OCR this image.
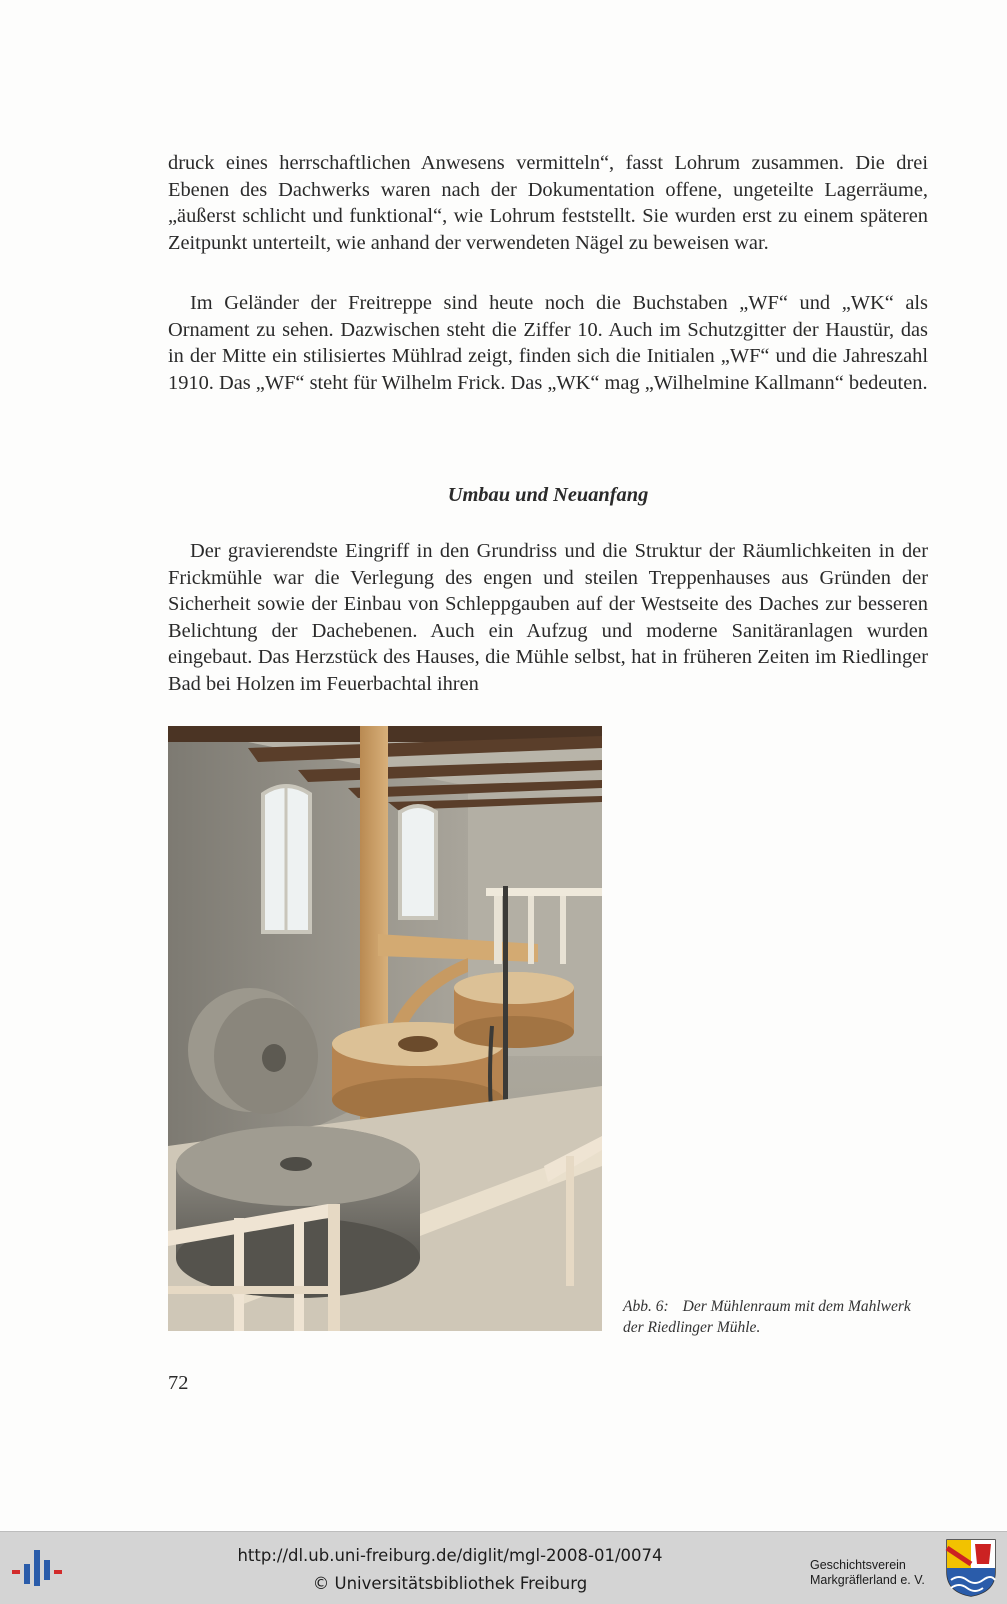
druck eines herrschaftlichen Anwesens vermitteln“, fasst Lohrum zusammen. Die drei Ebenen des Dachwerks waren nach der Dokumentation offene, ungeteilte Lagerräume, „äußerst schlicht und funktional“, wie Lohrum feststellt. Sie wurden erst zu einem späteren Zeitpunkt unterteilt, wie anhand der verwendeten Nägel zu beweisen war.

Im Geländer der Freitreppe sind heute noch die Buchstaben „WF“ und „WK“ als Ornament zu sehen. Dazwischen steht die Ziffer 10. Auch im Schutzgitter der Haustür, das in der Mitte ein stilisiertes Mühlrad zeigt, finden sich die Initialen „WF“ und die Jahreszahl 1910. Das „WF“ steht für Wilhelm Frick. Das „WK“ mag „Wilhelmine Kallmann“ bedeuten.

Umbau und Neuanfang

Der gravierendste Eingriff in den Grundriss und die Struktur der Räumlichkeiten in der Frickmühle war die Verlegung des engen und steilen Treppenhauses aus Gründen der Sicherheit sowie der Einbau von Schleppgauben auf der Westseite des Daches zur besseren Belichtung der Dachebenen. Auch ein Aufzug und moderne Sanitäranlagen wurden eingebaut. Das Herzstück des Hauses, die Mühle selbst, hat in früheren Zeiten im Riedlinger Bad bei Holzen im Feuerbachtal ihren

Abb. 6: Der Mühlenraum mit dem Mahlwerk der Riedlinger Mühle.
72
http://dl.ub.uni-freiburg.de/diglit/mgl-2008-01/0074
© Universitätsbibliothek Freiburg
Geschichtsverein
Markgräflerland e. V.
